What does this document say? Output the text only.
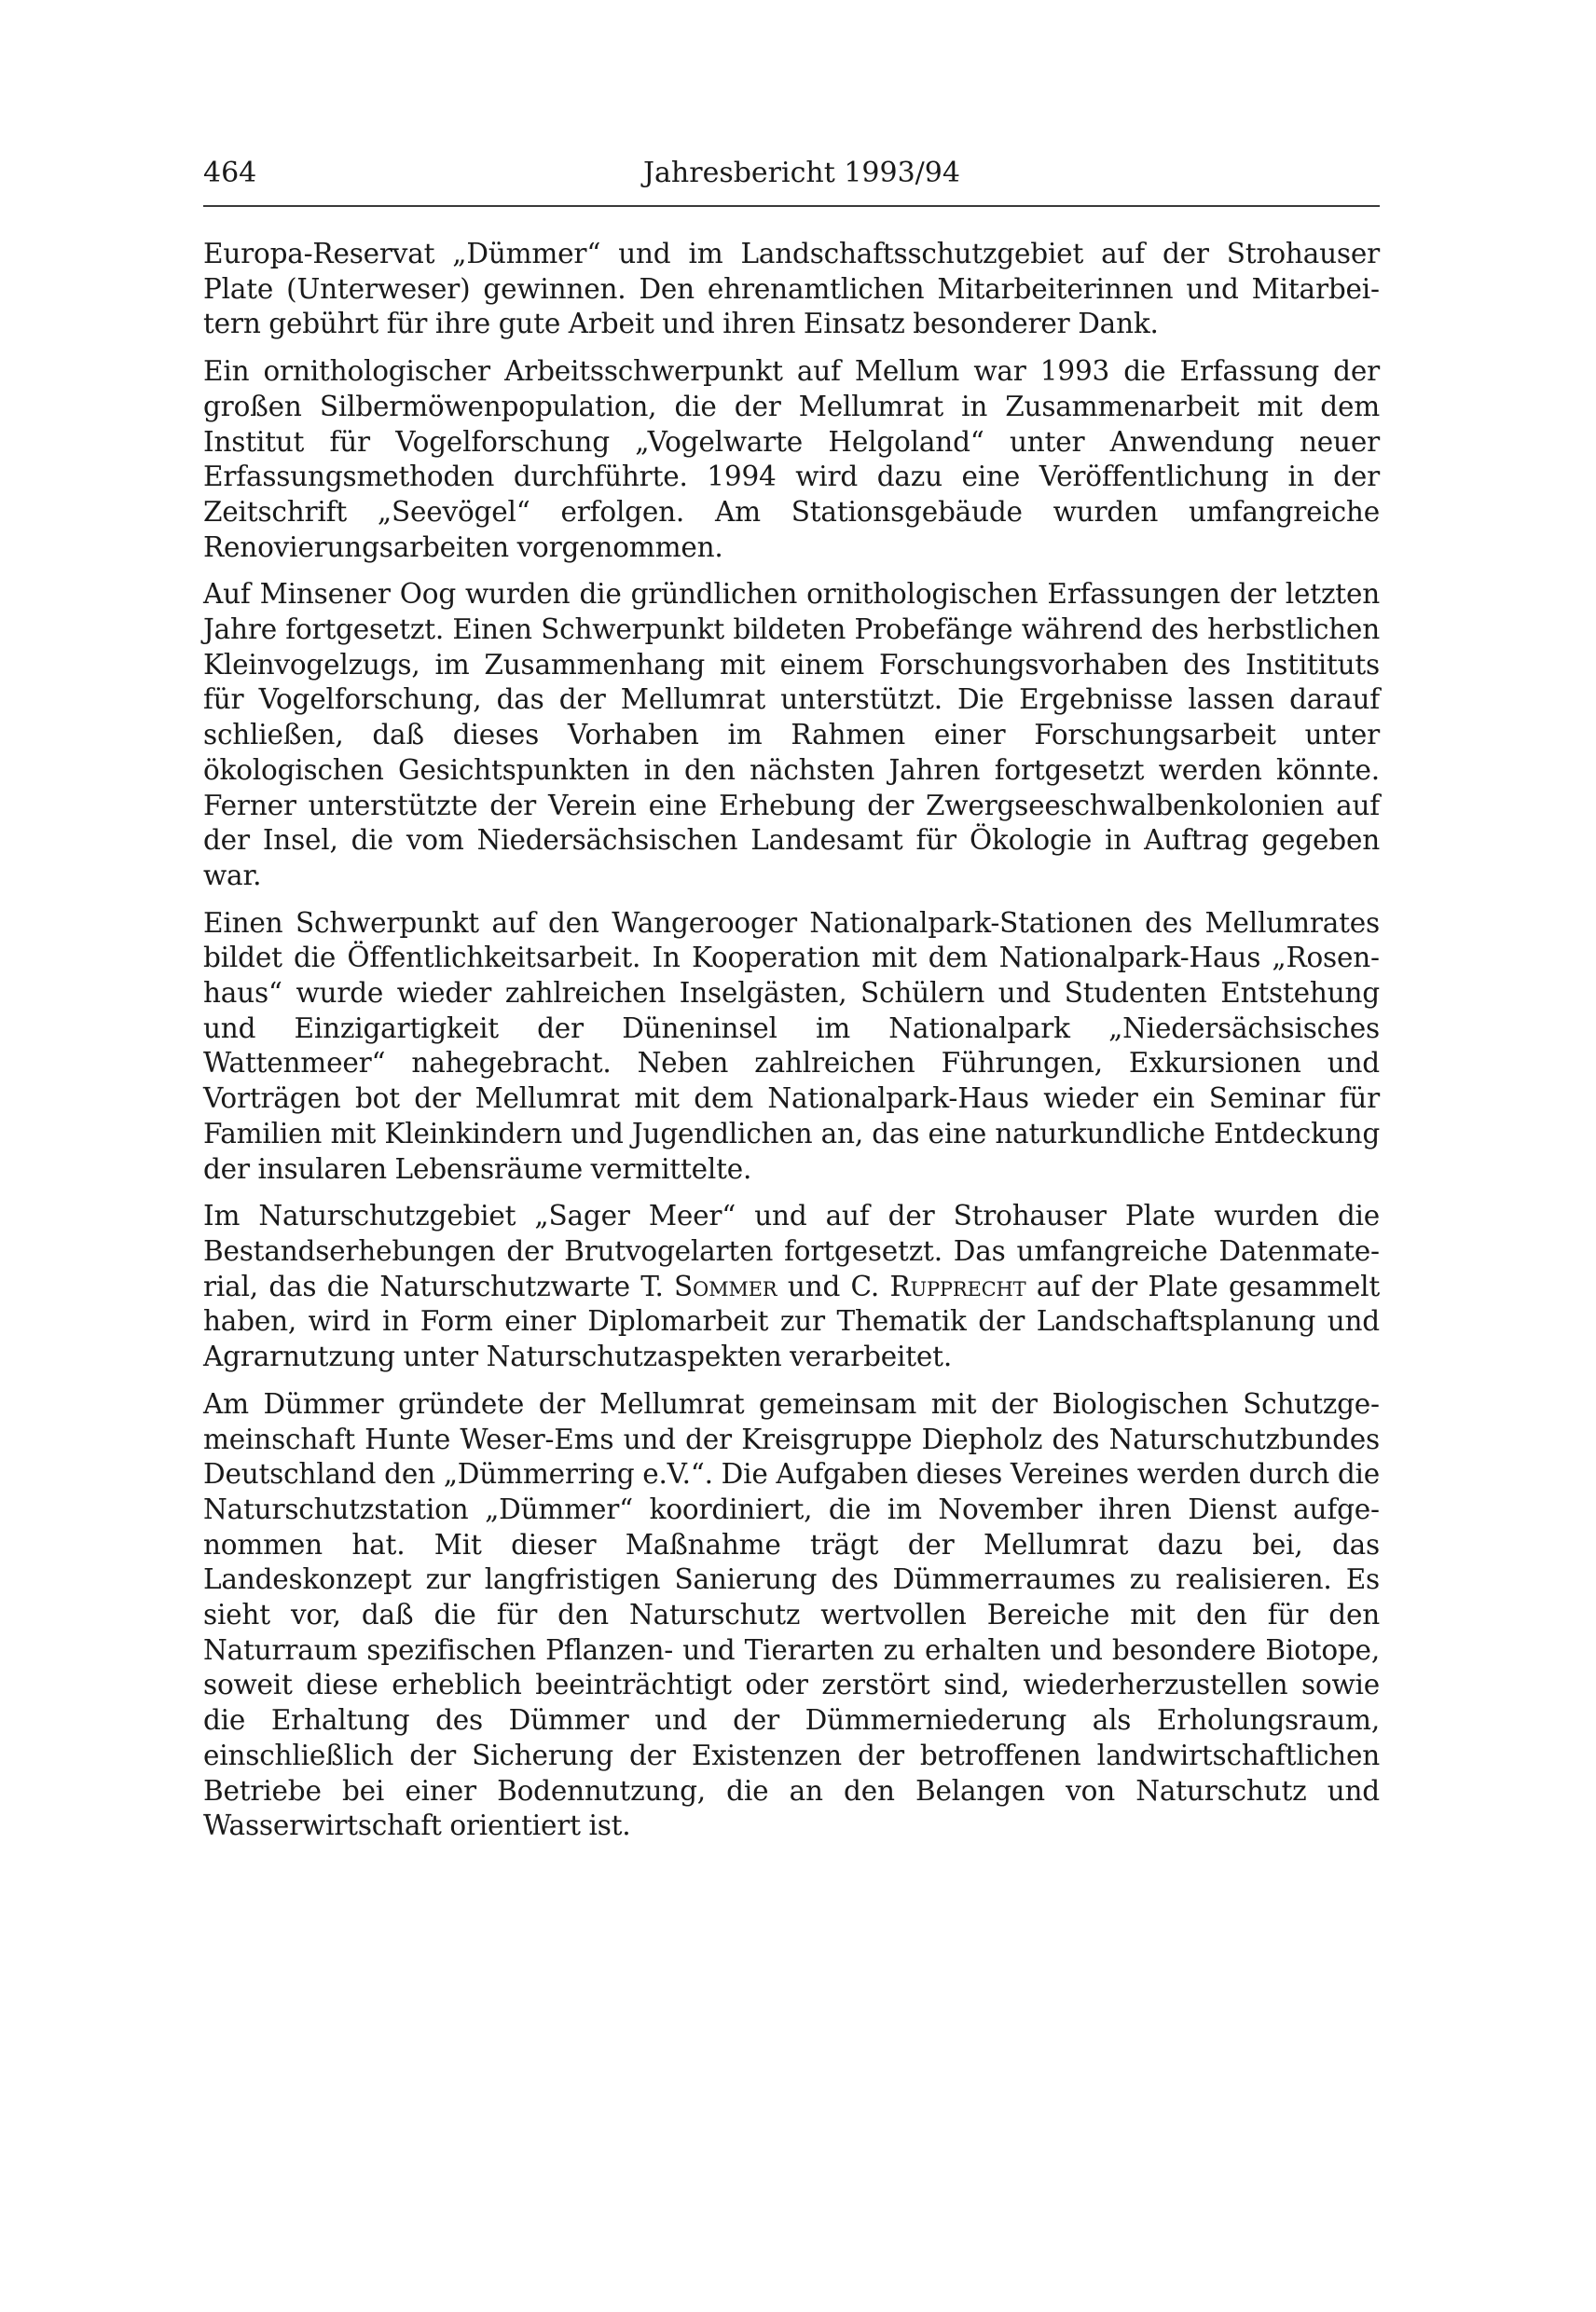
464	Jahresbericht 1993/94

Europa-Reservat „Dümmer“ und im Landschaftsschutzgebiet auf der Strohauser Plate (Unterweser) gewinnen. Den ehrenamtlichen Mitarbeiterinnen und Mitarbeitern gebührt für ihre gute Arbeit und ihren Einsatz besonderer Dank.

Ein ornithologischer Arbeitsschwerpunkt auf Mellum war 1993 die Erfassung der großen Silbermöwenpopulation, die der Mellumrat in Zusammenarbeit mit dem Institut für Vogelforschung „Vogelwarte Helgoland“ unter Anwendung neuer Erfassungsmethoden durchführte. 1994 wird dazu eine Veröffentlichung in der Zeitschrift „Seevögel“ erfolgen. Am Stationsgebäude wurden umfangreiche Renovierungsarbeiten vorgenommen.

Auf Minsener Oog wurden die gründlichen ornithologischen Erfassungen der letzten Jahre fortgesetzt. Einen Schwerpunkt bildeten Probefänge während des herbstlichen Kleinvogelzugs, im Zusammenhang mit einem Forschungsvorhaben des Institituts für Vogelforschung, das der Mellumrat unterstützt. Die Ergebnisse lassen darauf schließen, daß dieses Vorhaben im Rahmen einer Forschungsarbeit unter ökologischen Gesichtspunkten in den nächsten Jahren fortgesetzt werden könnte. Ferner unterstützte der Verein eine Erhebung der Zwergseeschwalbenkolonien auf der Insel, die vom Niedersächsischen Landesamt für Ökologie in Auftrag gegeben war.

Einen Schwerpunkt auf den Wangerooger Nationalpark-Stationen des Mellumrates bildet die Öffentlichkeitsarbeit. In Kooperation mit dem Nationalpark-Haus „Rosenhaus“ wurde wieder zahlreichen Inselgästen, Schülern und Studenten Entstehung und Einzigartigkeit der Düneninsel im Nationalpark „Niedersächsisches Wattenmeer“ nahegebracht. Neben zahlreichen Führungen, Exkursionen und Vorträgen bot der Mellumrat mit dem Nationalpark-Haus wieder ein Seminar für Familien mit Kleinkindern und Jugendlichen an, das eine naturkundliche Entdeckung der insularen Lebensräume vermittelte.

Im Naturschutzgebiet „Sager Meer“ und auf der Strohauser Plate wurden die Bestandserhebungen der Brutvogelarten fortgesetzt. Das umfangreiche Datenmaterial, das die Naturschutzwarte T. Sommer und C. Rupprecht auf der Plate gesammelt haben, wird in Form einer Diplomarbeit zur Thematik der Landschaftsplanung und Agrarnutzung unter Naturschutzaspekten verarbeitet.

Am Dümmer gründete der Mellumrat gemeinsam mit der Biologischen Schutzgemeinschaft Hunte Weser-Ems und der Kreisgruppe Diepholz des Naturschutzbundes Deutschland den „Dümmerring e.V.“. Die Aufgaben dieses Vereines werden durch die Naturschutzstation „Dümmer“ koordiniert, die im November ihren Dienst aufgenommen hat. Mit dieser Maßnahme trägt der Mellumrat dazu bei, das Landeskonzept zur langfristigen Sanierung des Dümmerraumes zu realisieren. Es sieht vor, daß die für den Naturschutz wertvollen Bereiche mit den für den Naturraum spezifischen Pflanzen- und Tierarten zu erhalten und besondere Biotope, soweit diese erheblich beeinträchtigt oder zerstört sind, wiederherzustellen sowie die Erhaltung des Dümmer und der Dümmerniederung als Erholungsraum, einschließlich der Sicherung der Existenzen der betroffenen landwirtschaftlichen Betriebe bei einer Bodennutzung, die an den Belangen von Naturschutz und Wasserwirtschaft orientiert ist.
